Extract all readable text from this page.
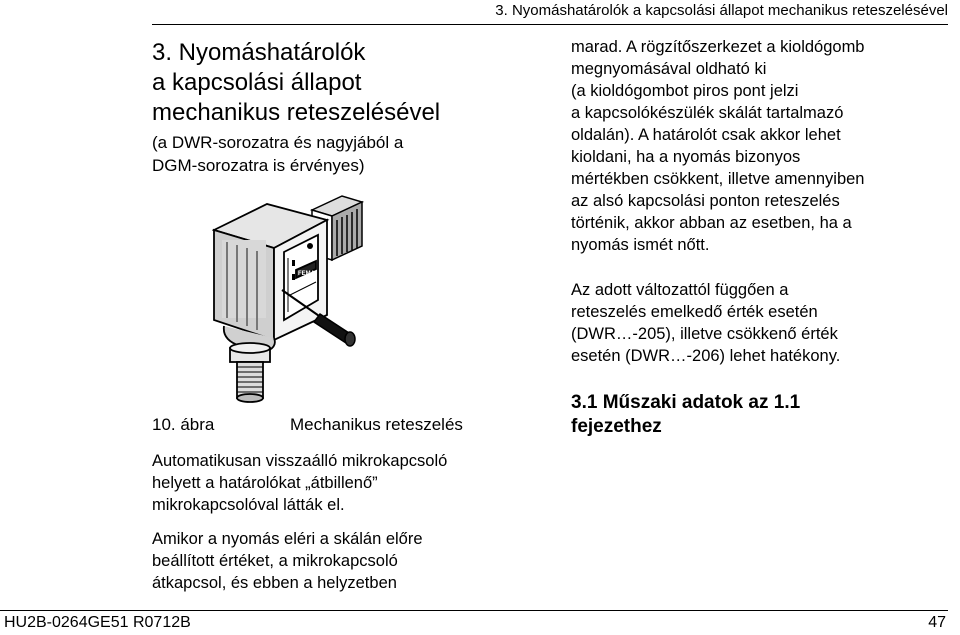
3. Nyomáshatárolók a kapcsolási állapot mechanikus reteszelésével
3. Nyomáshatárolók
a kapcsolási állapot
mechanikus reteszelésével
(a DWR-sorozatra és nagyjából a
DGM-sorozatra is érvényes)
FEMA
10. ábra	Mechanikus reteszelés
Automatikusan visszaálló mikrokapcsoló
helyett a határolókat „átbillenő”
mikrokapcsolóval látták el.
Amikor a nyomás eléri a skálán előre
beállított értéket, a mikrokapcsoló
átkapcsol, és ebben a helyzetben
marad. A rögzítőszerkezet a kioldógomb
megnyomásával oldható ki
(a kioldógombot piros pont jelzi
a kapcsolókészülék skálát tartalmazó
oldalán). A határolót csak akkor lehet
kioldani, ha a nyomás bizonyos
mértékben csökkent, illetve amennyiben
az alsó kapcsolási ponton reteszelés
történik, akkor abban az esetben, ha a
nyomás ismét nőtt.
Az adott változattól függően a
reteszelés emelkedő érték esetén
(DWR…-205), illetve csökkenő érték
esetén (DWR…-206) lehet hatékony.
3.1 Műszaki adatok az 1.1
fejezethez
HU2B-0264GE51 R0712B	47
